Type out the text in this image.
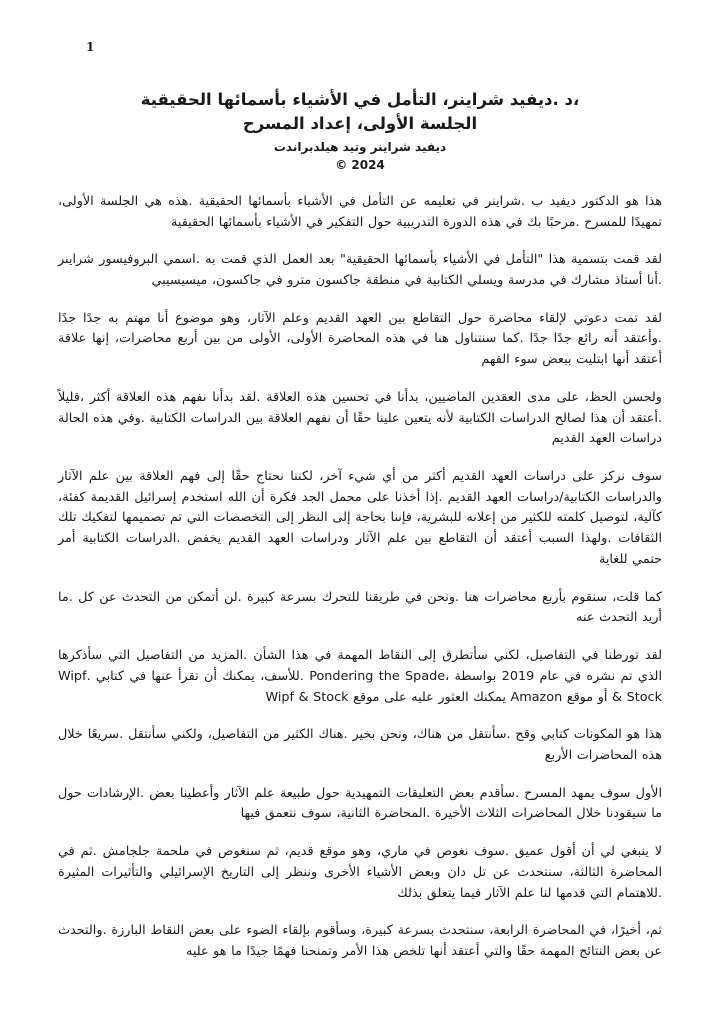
1
،د .ديفيد شراينر، التأمل في الأشياء بأسمائها الحقيقية
الجلسة الأولى، إعداد المسرح
ديفيد شراينر وتيد هيلدبراندت
© 2024

هذا هو الدكتور ديفيد ب .شراينر في تعليمه عن التأمل في الأشياء بأسمائها الحقيقية .هذه هي الجلسة الأولى، تمهيدًا للمسرح .مرحبًا بك في هذه الدورة التدريبية حول التفكير في الأشياء بأسمائها الحقيقية

لقد قمت بتسمية هذا "التأمل في الأشياء بأسمائها الحقيقية" بعد العمل الذي قمت به .اسمي البروفيسور شراينر .أنا أستاذ مشارك في مدرسة ويسلي الكتابية في منطقة جاكسون مترو في جاكسون، ميسيسيبي

لقد تمت دعوتي لإلقاء محاضرة حول التقاطع بين العهد القديم وعلم الآثار، وهو موضوع أنا مهتم به جدًا جدًا .وأعتقد أنه رائع جدًا جدًا .كما سنتناول هنا في هذه المحاضرة الأولى، الأولى من بين أربع محاضرات، إنها علاقة أعتقد أنها ابتليت ببعض سوء الفهم

ولحسن الحظ، على مدى العقدين الماضيين، بدأنا في تحسين هذه العلاقة .لقد بدأنا نفهم هذه العلاقة أكثر ،قليلاً .أعتقد أن هذا لصالح الدراسات الكتابية لأنه يتعين علينا حقًا أن نفهم العلاقة بين الدراسات الكتابية .وفي هذه الحالة دراسات العهد القديم

سوف نركز على دراسات العهد القديم أكثر من أي شيء آخر، لكننا نحتاج حقًا إلى فهم العلاقة بين علم الآثار والدراسات الكتابية/دراسات العهد القديم .إذا أخذنا على محمل الجد فكرة أن الله استخدم إسرائيل القديمة كفئة، كآلية، لتوصيل كلمته للكثير من إعلانه للبشرية، فإننا بحاجة إلى النظر إلى التخصصات التي تم تصميمها لتفكيك تلك الثقافات .ولهذا السبب أعتقد أن التقاطع بين علم الآثار ودراسات العهد القديم يخفض .الدراسات الكتابية أمر حتمي للغاية

كما قلت، سنقوم بأربع محاضرات هنا .ونحن في طريقنا للتحرك بسرعة كبيرة .لن أتمكن من التحدث عن كل .ما أريد التحدث عنه

لقد تورطنا في التفاصيل، لكني سأتطرق إلى النقاط المهمة في هذا الشأن .المزيد من التفاصيل التي سأذكرها الذي تم نشره في عام 2019 بواسطة ،Pondering the Spade .للأسف، يمكنك أن تقرأ عنها في كتابي .Wipf & Stock أو موقع Amazon يمكنك العثور عليه على موقع Wipf & Stock

هذا هو المكونات كتابي وقح .سأنتقل من هناك، ونحن بخير .هناك الكثير من التفاصيل، ولكني سأنتقل .سريعًا خلال هذه المحاضرات الأربع

الأول سوف يمهد المسرح .سأقدم بعض التعليقات التمهيدية حول طبيعة علم الآثار وأعطينا بعض .الإرشادات حول ما سيقودنا خلال المحاضرات الثلاث الأخيرة .المحاضرة الثانية، سوف نتعمق فيها

لا ينبغي لي أن أقول عميق .سوف نغوص في ماري، وهو موقع قديم، ثم سنغوص في ملحمة جلجامش .ثم في المحاضرة الثالثة، سنتحدث عن تل دان وبعض الأشياء الأخرى وننظر إلى التاريخ الإسرائيلي والتأثيرات المثيرة .للاهتمام التي قدمها لنا علم الآثار فيما يتعلق بذلك

ثم، أخيرًا، في المحاضرة الرابعة، سنتحدث بسرعة كبيرة، وسأقوم بإلقاء الضوء على بعض النقاط البارزة .والتحدث عن بعض النتائج المهمة حقًا والتي أعتقد أنها تلخص هذا الأمر وتمنحنا فهمًا جيدًا ما هو عليه
